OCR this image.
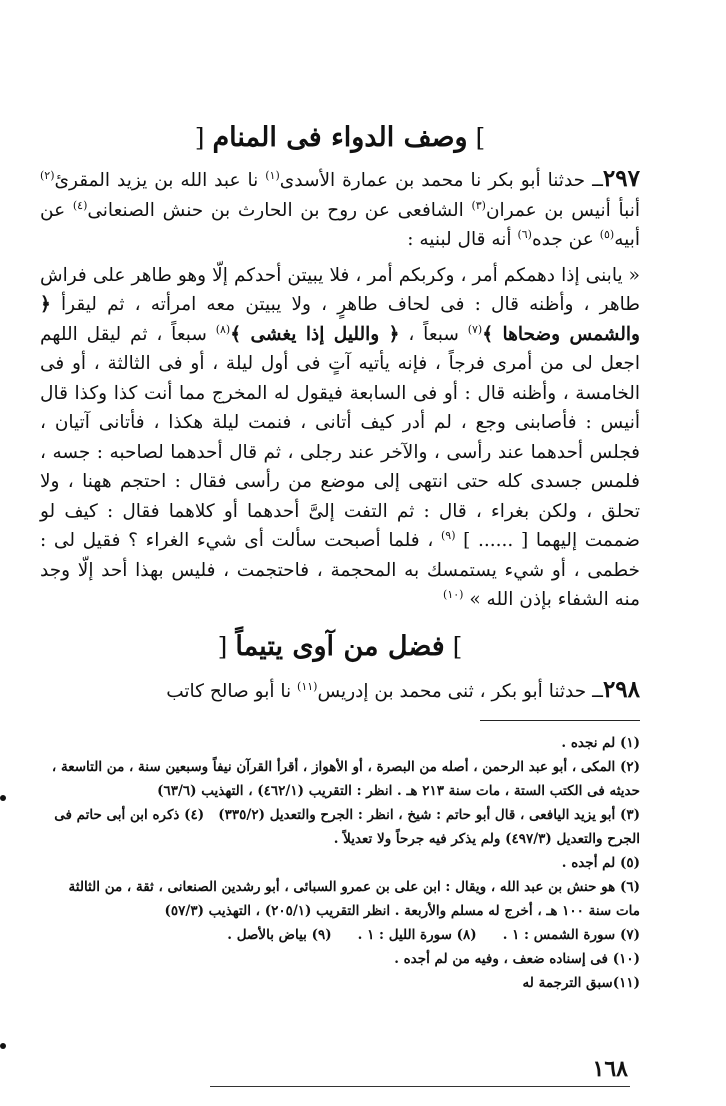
]وصف الدواء فى المنام[

٢٩٧ــ حدثنا أبو بكر نا محمد بن عمارة الأسدى$^{(١)}$ نا عبد الله بن يزيد المقرئ$^{(٢)}$ أنبأ أنيس بن عمران$^{(٣)}$ الشافعى عن روح بن الحارث بن حنش الصنعانى$^{(٤)}$ عن أبيه$^{(٥)}$ عن جده$^{(٦)}$ أنه قال لبنيه :

« يابنى إذا دهمكم أمر ، وكربكم أمر ، فلا يبيتن أحدكم إلّا وهو طاهر على فراش طاهر ، وأظنه قال : فى لحاف طاهرٍ ، ولا يبيتن معه امرأته ، ثم ليقرأ ﴿ والشمس وضحاها ﴾$^{(٧)}$ سبعاً ، ﴿ والليل إذا يغشى ﴾$^{(٨)}$ سبعاً ، ثم ليقل اللهم اجعل لى من أمرى فرجاً ، فإنه يأتيه آتٍ فى أول ليلة ، أو فى الثالثة ، أو فى الخامسة ، وأظنه قال : أو فى السابعة فيقول له المخرج مما أنت كذا وكذا قال أنيس : فأصابنى وجع ، لم أدر كيف أتانى ، فنمت ليلة هكذا ، فأتانى آتيان ، فجلس أحدهما عند رأسى ، والآخر عند رجلى ، ثم قال أحدهما لصاحبه : جسه ، فلمس جسدى كله حتى انتهى إلى موضع من رأسى فقال : احتجم ههنا ، ولا تحلق ، ولكن بغراء ، قال : ثم التفت إلىَّ أحدهما أو كلاهما فقال : كيف لو ضممت إليهما [ ...... ] $^{(٩)}$ ، فلما أصبحت سألت أى شيء الغراء ؟ فقيل لى : خطمى ، أو شيء يستمسك به المحجمة ، فاحتجمت ، فليس بهذا أحد إلّا وجد منه الشفاء بإذن الله » $^{(١٠)}$

]فضل من آوى يتيماً[

٢٩٨ــ حدثنا أبو بكر ، ثنى محمد بن إدريس$^{(١١)}$ نا أبو صالح كاتب

(١) لم نجده .

(٢) المكى ، أبو عبد الرحمن ، أصله من البصرة ، أو الأهواز ، أقرأ القرآن نيفاً وسبعين سنة ، من التاسعة ، حديثه فى الكتب الستة ، مات سنة ٢١٣ هـ . انظر : التقريب (٤٦٢/١) ، التهذيب (٦٣/٦)

(٣) أبو يزيد اليافعى ، قال أبو حاتم : شيخ ، انظر : الجرح والتعديل (٣٣٥/٢)   (٤) ذكره ابن أبى حاتم فى الجرح والتعديل (٤٩٧/٣) ولم يذكر فيه جرحاً ولا تعديلاً .

(٥) لم أجده .

(٦) هو حنش بن عبد الله ، ويقال : ابن على بن عمرو السبائى ، أبو رشدين الصنعانى ، ثقة ، من الثالثة مات سنة ١٠٠ هـ ، أخرج له مسلم والأربعة . انظر التقريب (٢٠٥/١) ، التهذيب (٥٧/٣)

(٧) سورة الشمس : ١ .
(٨) سورة الليل : ١ .
(٩) بياض بالأصل .

(١٠) فى إسناده ضعف ، وفيه من لم أجده .

(١١)سبق الترجمة له

١٦٨
